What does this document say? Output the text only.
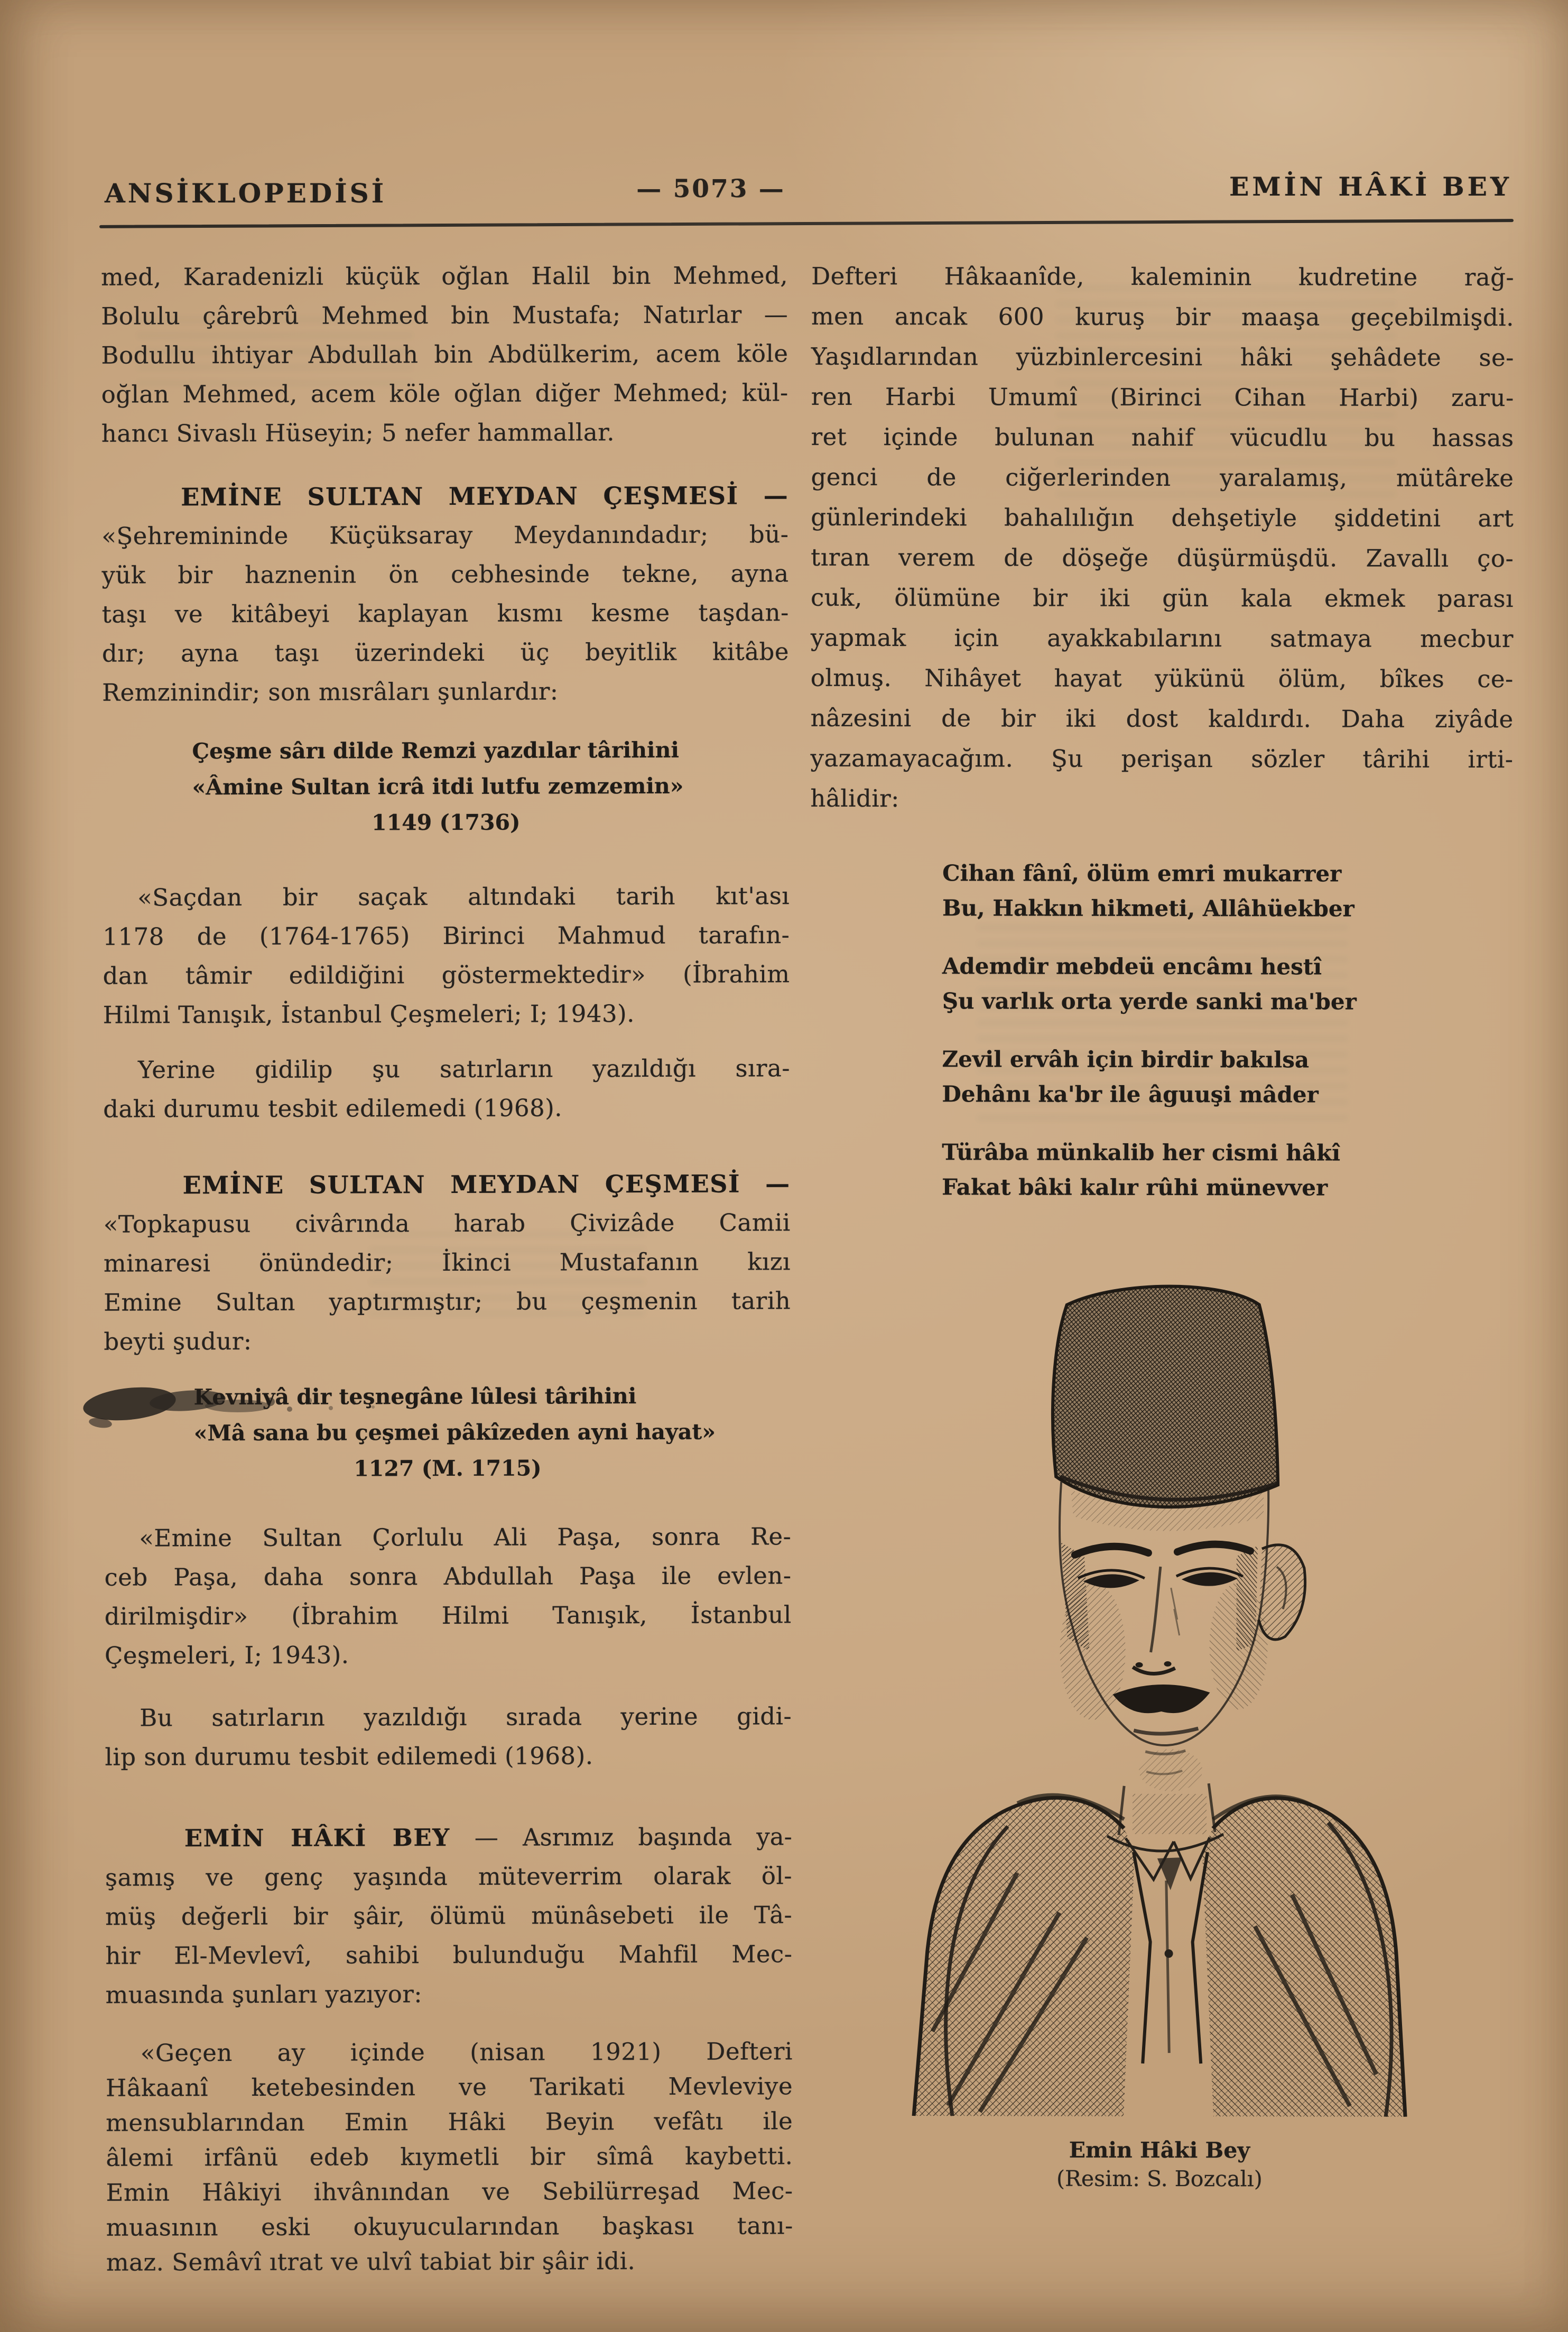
ANSİKLOPEDİSİ	— 5073 —	EMİN HÂKİ BEY
med, Karadenizli küçük oğlan Halil bin Mehmed,
Bolulu çârebrû Mehmed bin Mustafa; Natırlar —
Bodullu ihtiyar Abdullah bin Abdülkerim, acem köle
oğlan Mehmed, acem köle oğlan diğer Mehmed; kül-
hancı Sivaslı Hüseyin; 5 nefer hammallar.
EMİNE SULTAN MEYDAN ÇEŞMESİ —
«Şehremininde Küçüksaray Meydanındadır; bü-
yük bir haznenin ön cebhesinde tekne, ayna
taşı ve kitâbeyi kaplayan kısmı kesme taşdan-
dır; ayna taşı üzerindeki üç beyitlik kitâbe
Remzinindir; son mısrâları şunlardır:
Çeşme sârı dilde Remzi yazdılar târihini
«Âmine Sultan icrâ itdi lutfu zemzemin»
1149 (1736)
«Saçdan bir saçak altındaki tarih kıt'ası
1178 de (1764-1765) Birinci Mahmud tarafın-
dan tâmir edildiğini göstermektedir» (İbrahim
Hilmi Tanışık, İstanbul Çeşmeleri; I; 1943).
Yerine gidilip şu satırların yazıldığı sıra-
daki durumu tesbit edilemedi (1968).
EMİNE SULTAN MEYDAN ÇEŞMESİ —
«Topkapusu civârında harab Çivizâde Camii
minaresi önündedir; İkinci Mustafanın kızı
Emine Sultan yaptırmıştır; bu çeşmenin tarih
beyti şudur:
Kevniyâ dir teşnegâne lûlesi târihini
«Mâ sana bu çeşmei pâkîzeden ayni hayat»
1127 (M. 1715)
«Emine Sultan Çorlulu Ali Paşa, sonra Re-
ceb Paşa, daha sonra Abdullah Paşa ile evlen-
dirilmişdir» (İbrahim Hilmi Tanışık, İstanbul
Çeşmeleri, I; 1943).
Bu satırların yazıldığı sırada yerine gidi-
lip son durumu tesbit edilemedi (1968).
EMİN HÂKİ BEY — Asrımız başında ya-
şamış ve genç yaşında müteverrim olarak öl-
müş değerli bir şâir, ölümü münâsebeti ile Tâ-
hir El-Mevlevî, sahibi bulunduğu Mahfil Mec-
muasında şunları yazıyor:
«Geçen ay içinde (nisan 1921) Defteri
Hâkaanî ketebesinden ve Tarikati Mevleviye
mensublarından Emin Hâki Beyin vefâtı ile
âlemi irfânü edeb kıymetli bir sîmâ kaybetti.
Emin Hâkiyi ihvânından ve Sebilürreşad Mec-
muasının eski okuyucularından başkası tanı-
maz. Semâvî ıtrat ve ulvî tabiat bir şâir idi.
Defteri Hâkaanîde, kaleminin kudretine rağ-
men ancak 600 kuruş bir maaşa geçebilmişdi.
Yaşıdlarından yüzbinlercesini hâki şehâdete se-
ren Harbi Umumî (Birinci Cihan Harbi) zaru-
ret içinde bulunan nahif vücudlu bu hassas
genci de ciğerlerinden yaralamış, mütâreke
günlerindeki bahalılığın dehşetiyle şiddetini art
tıran verem de döşeğe düşürmüşdü. Zavallı ço-
cuk, ölümüne bir iki gün kala ekmek parası
yapmak için ayakkabılarını satmaya mecbur
olmuş. Nihâyet hayat yükünü ölüm, bîkes ce-
nâzesini de bir iki dost kaldırdı. Daha ziyâde
yazamayacağım. Şu perişan sözler târihi irti-
hâlidir:
Cihan fânî, ölüm emri mukarrer
Bu, Hakkın hikmeti, Allâhüekber
Ademdir mebdeü encâmı hestî
Şu varlık orta yerde sanki ma'ber
Zevil ervâh için birdir bakılsa
Dehânı ka'br ile âguuşi mâder
Türâba münkalib her cismi hâkî
Fakat bâki kalır rûhi münevver
Emin Hâki Bey
(Resim: S. Bozcalı)
